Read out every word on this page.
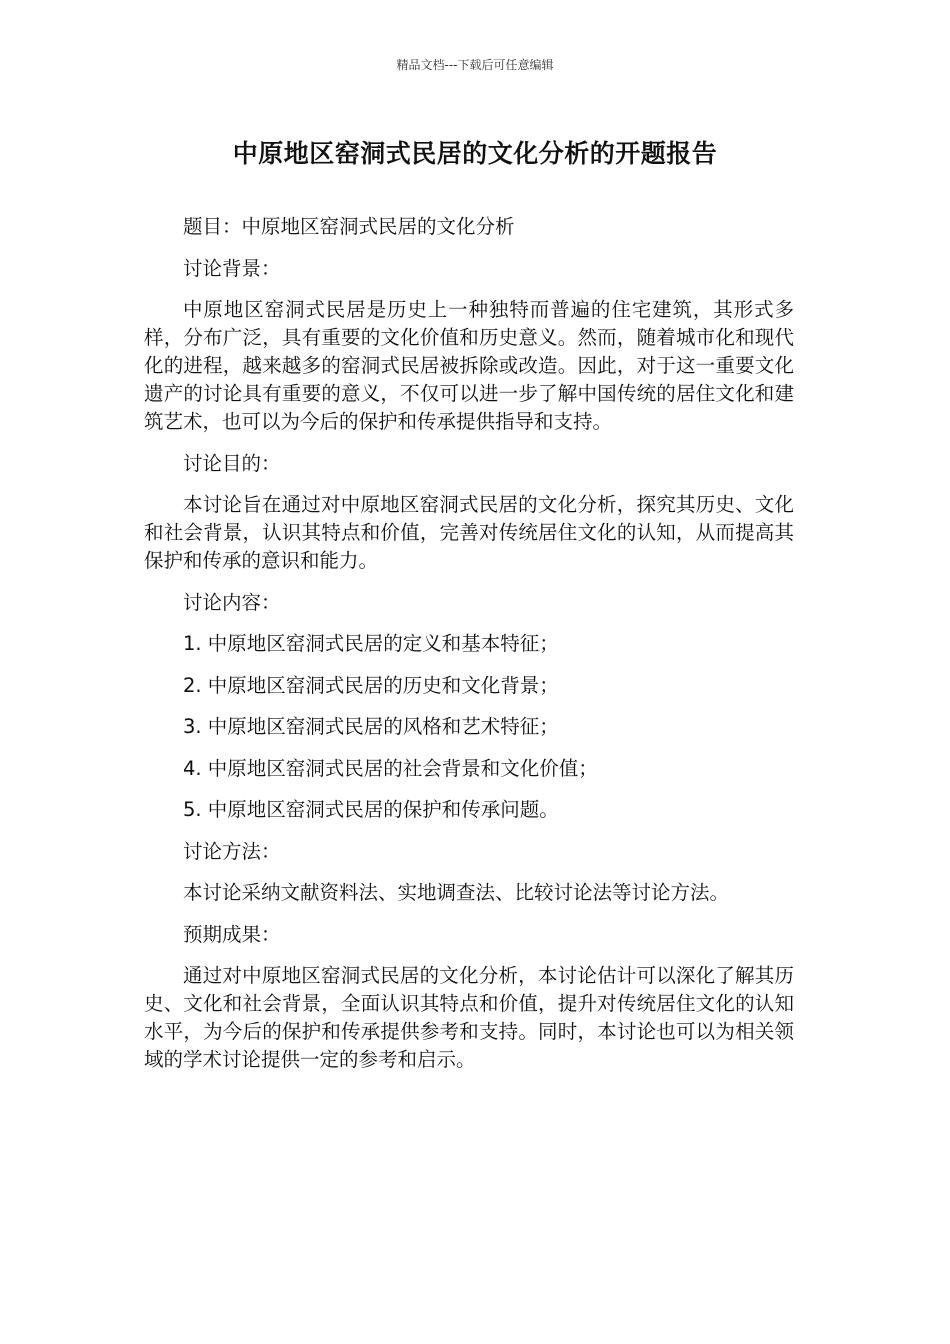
精品文档---下载后可任意编辑
中原地区窑洞式民居的文化分析的开题报告

题目：中原地区窑洞式民居的文化分析

讨论背景：

中原地区窑洞式民居是历史上一种独特而普遍的住宅建筑，其形式多样，分布广泛，具有重要的文化价值和历史意义。然而，随着城市化和现代化的进程，越来越多的窑洞式民居被拆除或改造。因此，对于这一重要文化遗产的讨论具有重要的意义，不仅可以进一步了解中国传统的居住文化和建筑艺术，也可以为今后的保护和传承提供指导和支持。

讨论目的：

本讨论旨在通过对中原地区窑洞式民居的文化分析，探究其历史、文化和社会背景，认识其特点和价值，完善对传统居住文化的认知，从而提高其保护和传承的意识和能力。

讨论内容：

1. 中原地区窑洞式民居的定义和基本特征；

2. 中原地区窑洞式民居的历史和文化背景；

3. 中原地区窑洞式民居的风格和艺术特征；

4. 中原地区窑洞式民居的社会背景和文化价值；

5. 中原地区窑洞式民居的保护和传承问题。

讨论方法：

本讨论采纳文献资料法、实地调查法、比较讨论法等讨论方法。

预期成果：

通过对中原地区窑洞式民居的文化分析，本讨论估计可以深化了解其历史、文化和社会背景，全面认识其特点和价值，提升对传统居住文化的认知水平，为今后的保护和传承提供参考和支持。同时，本讨论也可以为相关领域的学术讨论提供一定的参考和启示。
